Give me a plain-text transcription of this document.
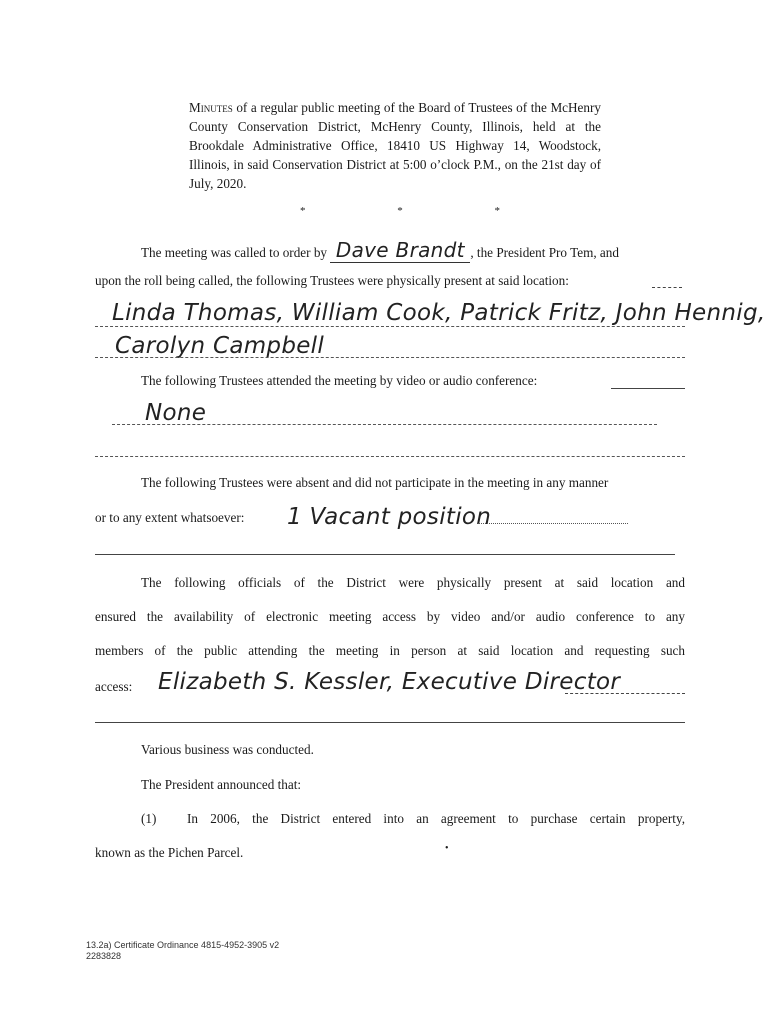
Minutes of a regular public meeting of the Board of Trustees of the McHenry County Conservation District, McHenry County, Illinois, held at the Brookdale Administrative Office, 18410 US Highway 14, Woodstock, Illinois, in said Conservation District at 5:00 o’clock P.M., on the 21st day of July, 2020.
*	*	*
The meeting was called to order by Dave Brandt , the President Pro Tem, and
upon the roll being called, the following Trustees were physically present at said location:
Linda Thomas, William Cook, Patrick Fritz, John Hennig,
Carolyn Campbell
The following Trustees attended the meeting by video or audio conference:
None
The following Trustees were absent and did not participate in the meeting in any manner
or to any extent whatsoever: 1 Vacant position
The following officials of the District were physically present at said location and
ensured the availability of electronic meeting access by video and/or audio conference to any
members of the public attending the meeting in person at said location and requesting such
access: Elizabeth S. Kessler, Executive Director
Various business was conducted.
The President announced that:
(1) In 2006, the District entered into an agreement to purchase certain property,
known as the Pichen Parcel.	•
13.2a) Certificate Ordinance 4815-4952-3905 v2
2283828
